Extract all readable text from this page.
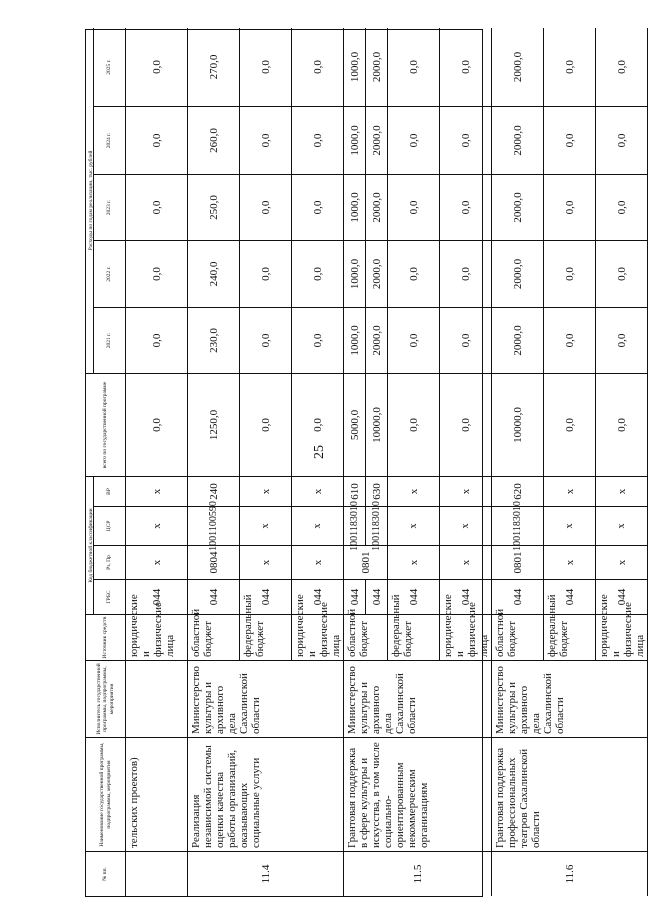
25
№ пп.
Наименование государственной программы, подпрограммы, мероприятия
Исполнитель государственной программы, подпрограммы, мероприятия
Источник средств
Код бюджетной классификации
ГРБС
Рз, Пр
ЦСР
ВР
всего по государственной программе
Расходы по годам реализации, тыс. рублей
2021 г.
2022 г.
2023 г.
2024 г.
2025 г.
тельских проектов)
юридические и физические лица
044
х
х
х
0,0
0,0
0,0
0,0
0,0
0,0
11.4
Реализация независимой системы оценки качества работы организаций, оказывающих социальные услуги
Министерство культуры и архивного дела Сахалинской области
областной бюджет
044
0804
1001100590
240
1250,0
230,0
240,0
250,0
260,0
270,0
федеральный бюджет
044
х
х
х
0,0
0,0
0,0
0,0
0,0
0,0
юридические и физические лица
044
х
х
х
0,0
0,0
0,0
0,0
0,0
0,0
11.5
Грантовая поддержка в сфере культуры и искусства, в том числе социально-ориентированным некоммерческим организациям
Министерство культуры и архивного дела Сахалинской области
областной бюджет
0801
044
1001183010
610
5000,0
1000,0
1000,0
1000,0
1000,0
1000,0
044
1001183010
630
10000,0
2000,0
2000,0
2000,0
2000,0
2000,0
федеральный бюджет
044
х
х
х
0,0
0,0
0,0
0,0
0,0
0,0
юридические и физические лица
044
х
х
х
0,0
0,0
0,0
0,0
0,0
0,0
11.6
Грантовая поддержка профессиональных театров Сахалинской области
Министерство культуры и архивного дела Сахалинской области
областной бюджет
044
0801
1001183010
620
10000,0
2000,0
2000,0
2000,0
2000,0
2000,0
федеральный бюджет
044
х
х
х
0,0
0,0
0,0
0,0
0,0
0,0
юридические и физические лица
044
х
х
х
0,0
0,0
0,0
0,0
0,0
0,0
